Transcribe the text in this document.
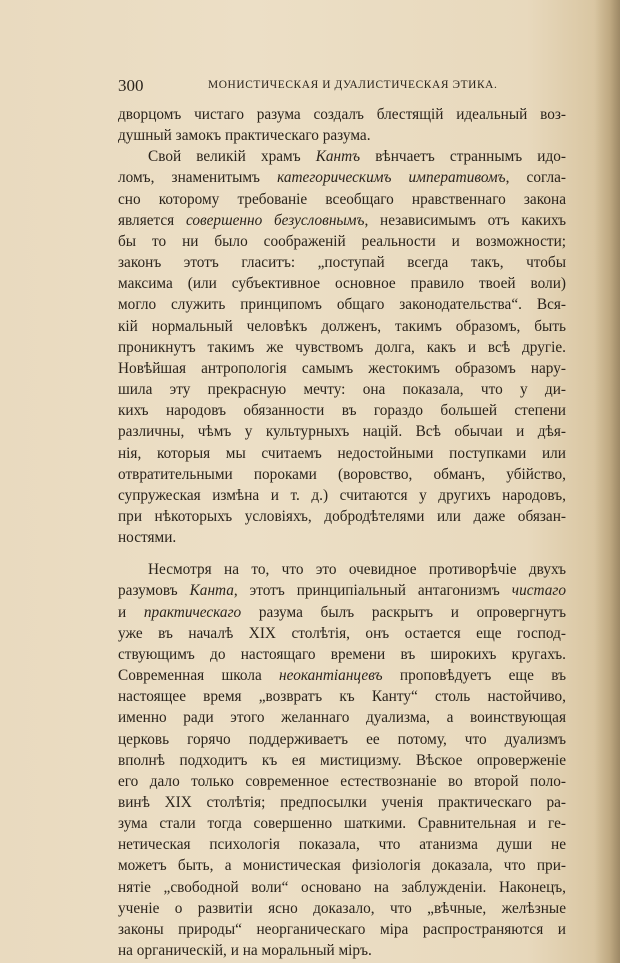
300	МОНИСТИЧЕСКАЯ И ДУАЛИСТИЧЕСКАЯ ЭТИКА.

дворцомъ чистаго разума создалъ блестящій идеальный воз-

душный замокъ практическаго разума.

Свой великій храмъ Кантъ вѣнчаетъ страннымъ идо-

ломъ, знаменитымъ категорическимъ императивомъ, согла-

сно которому требованіе всеобщаго нравственнаго закона

является совершенно безусловнымъ, независимымъ отъ какихъ

бы то ни было соображеній реальности и возможности;

законъ этотъ гласитъ: „поступай всегда такъ, чтобы

максима (или субъективное основное правило твоей воли)

могло служить принципомъ общаго законодательства“. Вся-

кій нормальный человѣкъ долженъ, такимъ образомъ, быть

проникнутъ такимъ же чувствомъ долга, какъ и всѣ другіе.

Новѣйшая антропологія самымъ жестокимъ образомъ нару-

шила эту прекрасную мечту: она показала, что у ди-

кихъ народовъ обязанности въ гораздо большей степени

различны, чѣмъ у культурныхъ націй. Всѣ обычаи и дѣя-

нія, которыя мы считаемъ недостойными поступками или

отвратительными пороками (воровство, обманъ, убійство,

супружеская измѣна и т. д.) считаются у другихъ народовъ,

при нѣкоторыхъ условіяхъ, добродѣтелями или даже обязан-

ностями.

Несмотря на то, что это очевидное противорѣчіе двухъ

разумовъ Канта, этотъ принципіальный антагонизмъ чистаго

и практическаго разума былъ раскрытъ и опровергнутъ

уже въ началѣ XIX столѣтія, онъ остается еще господ-

ствующимъ до настоящаго времени въ широкихъ кругахъ.

Современная школа неокантіанцевъ проповѣдуетъ еще въ

настоящее время „возвратъ къ Канту“ столь настойчиво,

именно ради этого желаннаго дуализма, а воинствующая

церковь горячо поддерживаетъ ее потому, что дуализмъ

вполнѣ подходитъ къ ея мистицизму. Вѣское опроверженіе

его дало только современное естествознаніе во второй поло-

винѣ XIX столѣтія; предпосылки ученія практическаго ра-

зума стали тогда совершенно шаткими. Сравнительная и ге-

нетическая психологія показала, что атанизма души не

можетъ быть, а монистическая физіологія доказала, что при-

нятіе „свободной воли“ основано на заблужденіи. Наконецъ,

ученіе о развитіи ясно доказало, что „вѣчные, желѣзные

законы природы“ неорганическаго міра распространяются и

на органическій, и на моральный міръ.
